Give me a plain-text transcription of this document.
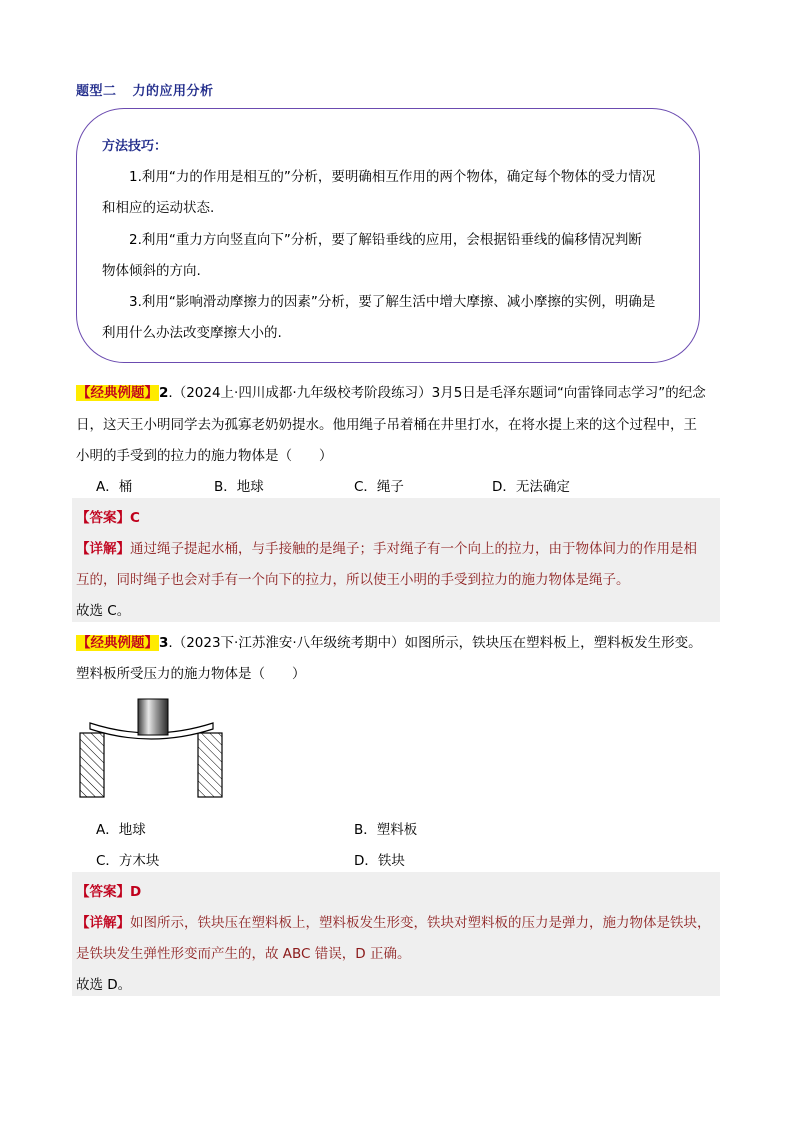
题型二 力的应用分析
方法技巧：
1.利用“力的作用是相互的”分析，要明确相互作用的两个物体，确定每个物体的受力情况
和相应的运动状态.
2.利用“重力方向竖直向下”分析，要了解铅垂线的应用，会根据铅垂线的偏移情况判断
物体倾斜的方向.
3.利用“影响滑动摩擦力的因素”分析，要了解生活中增大摩擦、减小摩擦的实例，明确是
利用什么办法改变摩擦大小的.
【经典例题】2.（2024上·四川成都·九年级校考阶段练习）3月5日是毛泽东题词“向雷锋同志学习”的纪念
日，这天王小明同学去为孤寡老奶奶提水。他用绳子吊着桶在井里打水，在将水提上来的这个过程中，王
小明的手受到的拉力的施力物体是（　　）
A．桶	B．地球	C．绳子	D．无法确定
【答案】C
【详解】通过绳子提起水桶，与手接触的是绳子；手对绳子有一个向上的拉力，由于物体间力的作用是相
互的，同时绳子也会对手有一个向下的拉力，所以使王小明的手受到拉力的施力物体是绳子。
故选 C。
【经典例题】3.（2023下·江苏淮安·八年级统考期中）如图所示，铁块压在塑料板上，塑料板发生形变。
塑料板所受压力的施力物体是（　　）
A．地球	B．塑料板
C．方木块	D．铁块
【答案】D
【详解】如图所示，铁块压在塑料板上，塑料板发生形变，铁块对塑料板的压力是弹力，施力物体是铁块，
是铁块发生弹性形变而产生的，故 ABC 错误，D 正确。
故选 D。
